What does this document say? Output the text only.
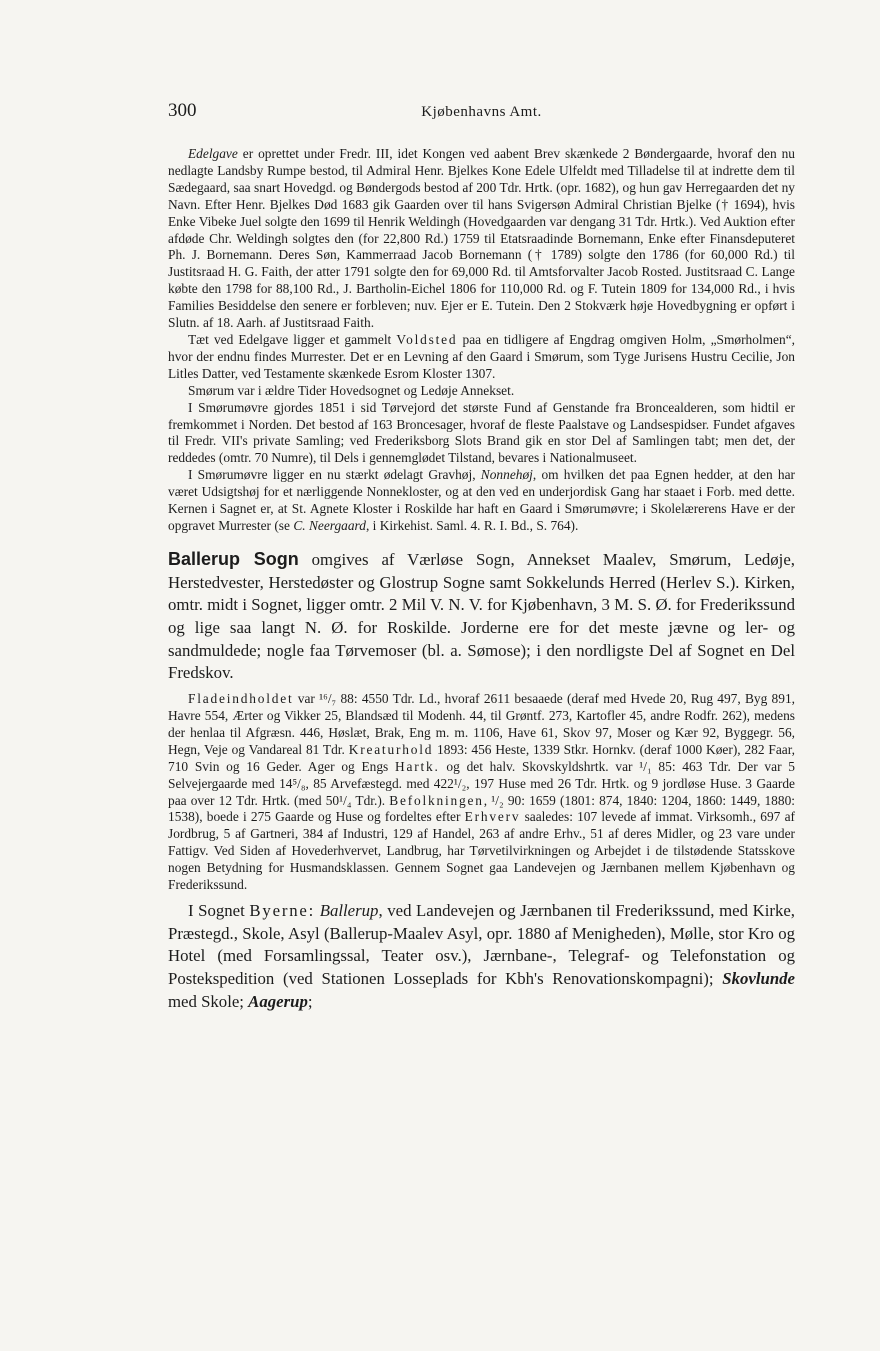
300	Kjøbenhavns Amt.

Edelgave er oprettet under Fredr. III, idet Kongen ved aabent Brev skænkede 2 Bøndergaarde, hvoraf den nu nedlagte Landsby Rumpe bestod, til Admiral Henr. Bjelkes Kone Edele Ulfeldt med Tilladelse til at indrette dem til Sædegaard, saa snart Hovedgd. og Bøndergods bestod af 200 Tdr. Hrtk. (opr. 1682), og hun gav Herregaarden det ny Navn. Efter Henr. Bjelkes Død 1683 gik Gaarden over til hans Svigersøn Admiral Christian Bjelke († 1694), hvis Enke Vibeke Juel solgte den 1699 til Henrik Weldingh (Hovedgaarden var dengang 31 Tdr. Hrtk.). Ved Auktion efter afdøde Chr. Weldingh solgtes den (for 22,800 Rd.) 1759 til Etatsraadinde Bornemann, Enke efter Finansdeputeret Ph. J. Bornemann. Deres Søn, Kammerraad Jacob Bornemann († 1789) solgte den 1786 (for 60,000 Rd.) til Justitsraad H. G. Faith, der atter 1791 solgte den for 69,000 Rd. til Amtsforvalter Jacob Rosted. Justitsraad C. Lange købte den 1798 for 88,100 Rd., J. Bartholin-Eichel 1806 for 110,000 Rd. og F. Tutein 1809 for 134,000 Rd., i hvis Families Besiddelse den senere er forbleven; nuv. Ejer er E. Tutein. Den 2 Stokværk høje Hovedbygning er opført i Slutn. af 18. Aarh. af Justitsraad Faith.

Tæt ved Edelgave ligger et gammelt Voldsted paa en tidligere af Engdrag omgiven Holm, „Smørholmen“, hvor der endnu findes Murrester. Det er en Levning af den Gaard i Smørum, som Tyge Jurisens Hustru Cecilie, Jon Litles Datter, ved Testamente skænkede Esrom Kloster 1307.

Smørum var i ældre Tider Hovedsognet og Ledøje Annekset.

I Smørumøvre gjordes 1851 i sid Tørvejord det største Fund af Genstande fra Broncealderen, som hidtil er fremkommet i Norden. Det bestod af 163 Broncesager, hvoraf de fleste Paalstave og Landsespidser. Fundet afgaves til Fredr. VII's private Samling; ved Frederiksborg Slots Brand gik en stor Del af Samlingen tabt; men det, der reddedes (omtr. 70 Numre), til Dels i gennemglødet Tilstand, bevares i Nationalmuseet.

I Smørumøvre ligger en nu stærkt ødelagt Gravhøj, Nonnehøj, om hvilken det paa Egnen hedder, at den har været Udsigtshøj for et nærliggende Nonnekloster, og at den ved en underjordisk Gang har staaet i Forb. med dette. Kernen i Sagnet er, at St. Agnete Kloster i Roskilde har haft en Gaard i Smørumøvre; i Skolelærerens Have er der opgravet Murrester (se C. Neergaard, i Kirkehist. Saml. 4. R. I. Bd., S. 764).

Ballerup Sogn omgives af Værløse Sogn, Annekset Maalev, Smørum, Ledøje, Herstedvester, Herstedøster og Glostrup Sogne samt Sokkelunds Herred (Herlev S.). Kirken, omtr. midt i Sognet, ligger omtr. 2 Mil V. N. V. for Kjøbenhavn, 3 M. S. Ø. for Frederikssund og lige saa langt N. Ø. for Roskilde. Jorderne ere for det meste jævne og ler- og sandmuldede; nogle faa Tørvemoser (bl. a. Sømose); i den nordligste Del af Sognet en Del Fredskov.

Fladeindholdet var ¹⁶/₇ 88: 4550 Tdr. Ld., hvoraf 2611 besaaede (deraf med Hvede 20, Rug 497, Byg 891, Havre 554, Ærter og Vikker 25, Blandsæd til Modenh. 44, til Grøntf. 273, Kartofler 45, andre Rodfr. 262), medens der henlaa til Afgræsn. 446, Høslæt, Brak, Eng m. m. 1106, Have 61, Skov 97, Moser og Kær 92, Byggegr. 56, Hegn, Veje og Vandareal 81 Tdr. Kreaturhold 1893: 456 Heste, 1339 Stkr. Hornkv. (deraf 1000 Køer), 282 Faar, 710 Svin og 16 Geder. Ager og Engs Hartk. og det halv. Skovskyldshrtk. var ¹/₁ 85: 463 Tdr. Der var 5 Selvejergaarde med 14⁵/₈, 85 Arvefæstegd. med 422¹/₂, 197 Huse med 26 Tdr. Hrtk. og 9 jordløse Huse. 3 Gaarde paa over 12 Tdr. Hrtk. (med 50¹/₄ Tdr.). Befolkningen, ¹/₂ 90: 1659 (1801: 874, 1840: 1204, 1860: 1449, 1880: 1538), boede i 275 Gaarde og Huse og fordeltes efter Erhverv saaledes: 107 levede af immat. Virksomh., 697 af Jordbrug, 5 af Gartneri, 384 af Industri, 129 af Handel, 263 af andre Erhv., 51 af deres Midler, og 23 vare under Fattigv. Ved Siden af Hovederhvervet, Landbrug, har Tørvetilvirkningen og Arbejdet i de tilstødende Statsskove nogen Betydning for Husmandsklassen. Gennem Sognet gaa Landevejen og Jærnbanen mellem Kjøbenhavn og Frederikssund.

I Sognet Byerne: Ballerup, ved Landevejen og Jærnbanen til Frederikssund, med Kirke, Præstegd., Skole, Asyl (Ballerup-Maalev Asyl, opr. 1880 af Menigheden), Mølle, stor Kro og Hotel (med Forsamlingssal, Teater osv.), Jærnbane-, Telegraf- og Telefonstation og Postekspedition (ved Stationen Losseplads for Kbh's Renovationskompagni); Skovlunde med Skole; Aagerup;
